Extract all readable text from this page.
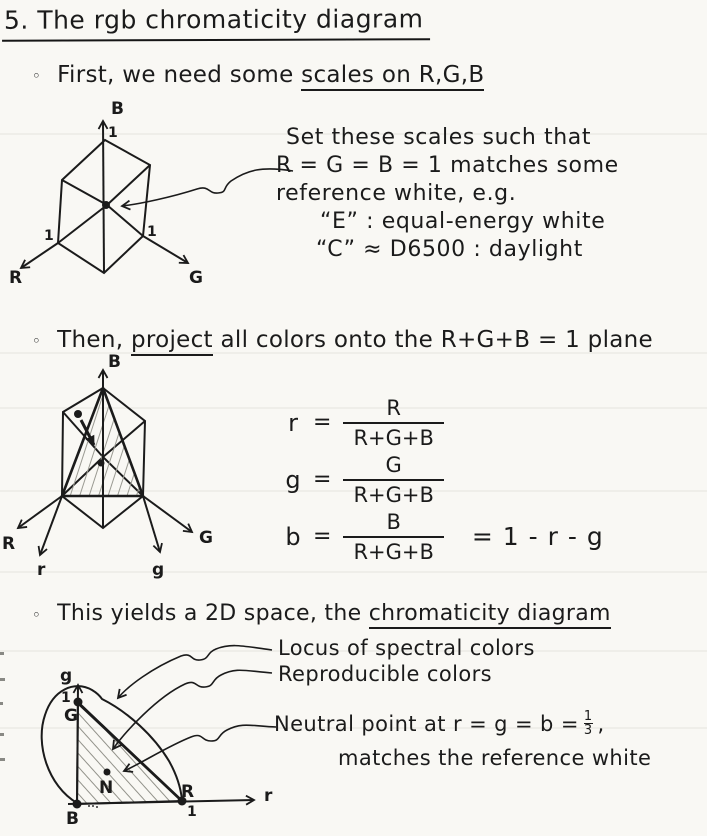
5. The rgb chromaticity diagram
◦ First, we need some scales on R,G,B
Set these scales such that
R = G = B = 1 matches some
reference white, e.g.
“E” : equal-energy white
“C” ≈ D6500 : daylight
B
1
1	1
R	G
◦ Then, project all colors onto the R+G+B = 1 plane
B
R
r	g
G
$r = \frac{R}{R+G+B}$
$g = \frac{G}{R+G+B}$
$b = \frac{B}{R+G+B} = 1 - r - g$
◦ This yields a 2D space, the chromaticity diagram
Locus of spectral colors
Reproducible colors
Neutral point at $r = g = b = \frac{1}{3}$ ,
matches the reference white
g
1
G
B
R
1
r
N
